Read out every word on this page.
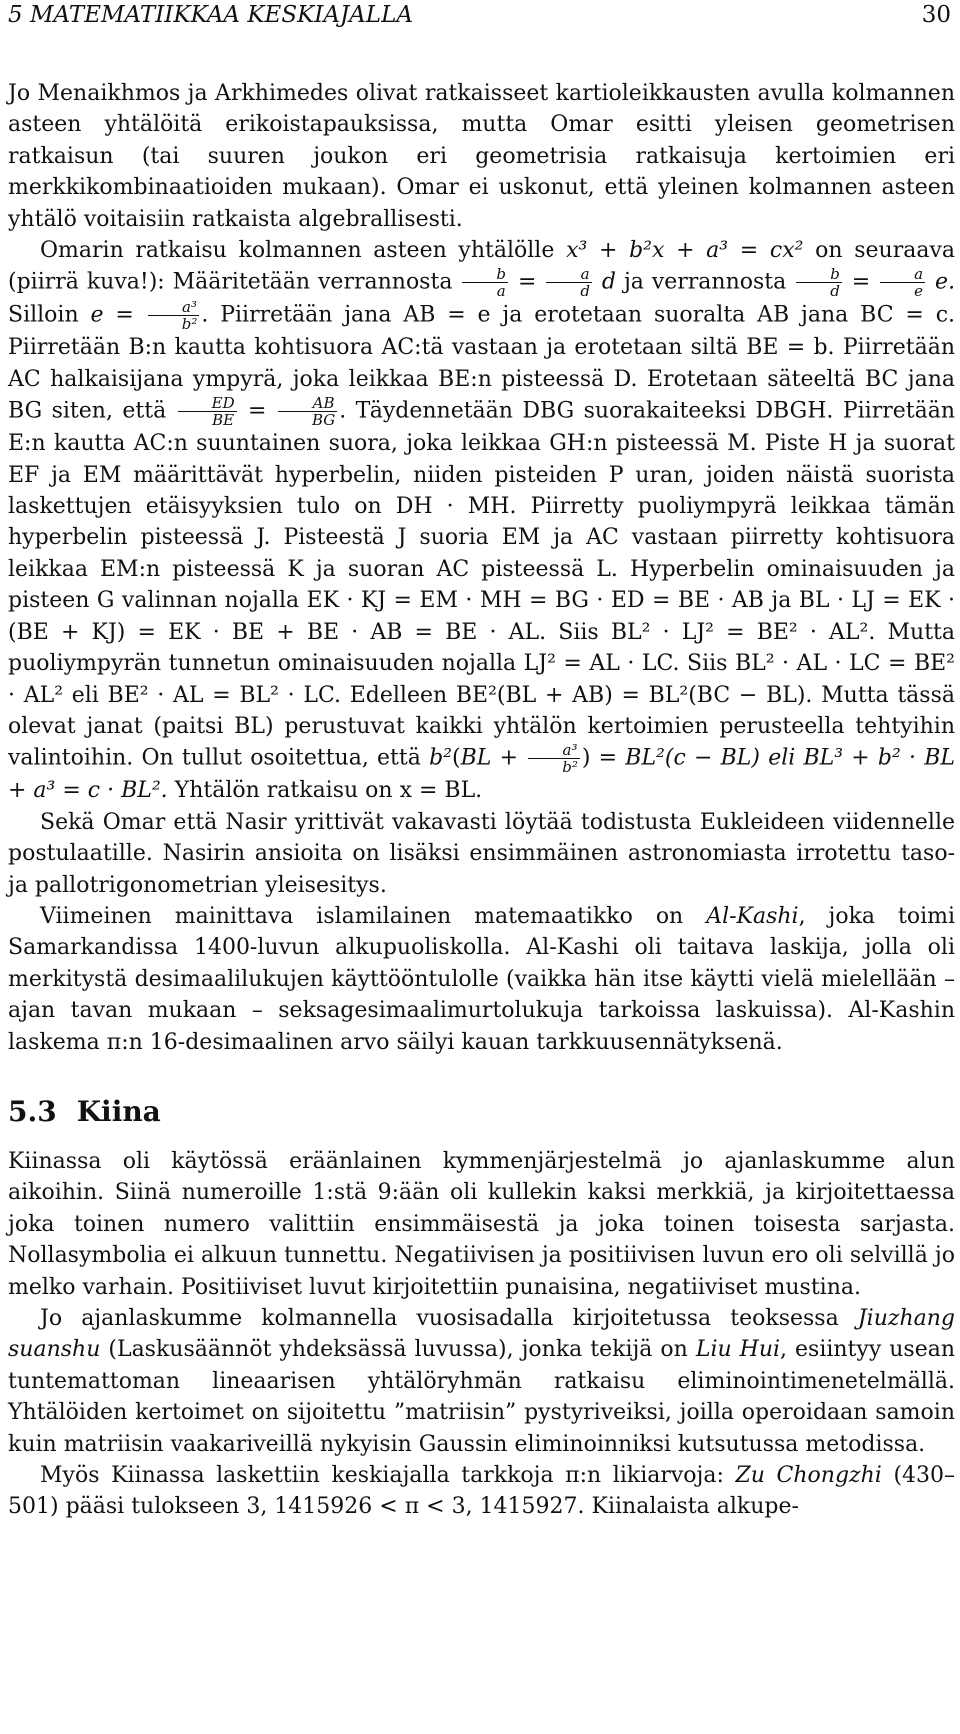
5 MATEMATIIKKAA KESKIAJALLA	30

Jo Menaikhmos ja Arkhimedes olivat ratkaisseet kartioleikkausten avulla kolmannen asteen yhtälöitä erikoistapauksissa, mutta Omar esitti yleisen geometrisen ratkaisun (tai suuren joukon eri geometrisia ratkaisuja kertoimien eri merkkikombinaatioiden mukaan). Omar ei uskonut, että yleinen kolmannen asteen yhtälö voitaisiin ratkaista algebrallisesti.

Omarin ratkaisu kolmannen asteen yhtälölle x³ + b²x + a³ = cx² on seuraava (piirrä kuva!): Määritetään verrannosta $\frac{b}{a} = \frac{a}{d}$ d ja verrannosta $\frac{b}{d} = \frac{a}{e} e$. Silloin $e = \frac{\text{a³}}{\text{b²}}$ . Piirretään jana AB = e ja erotetaan suoralta AB jana BC = c. Piirretään B:n kautta kohtisuora AC:tä vastaan ja erotetaan siltä BE = b. Piirretään AC halkaisijana ympyrä, joka leikkaa BE:n pisteessä D. Erotetaan säteeltä BC jana BG siten, että $\frac{ED}{BE} = \frac{AB}{BG}$ . Täydennetään DBG suorakaiteeksi DBGH. Piirretään E:n kautta AC:n suuntainen suora, joka leikkaa GH:n pisteessä M. Piste H ja suorat EF ja EM määrittävät hyperbelin, niiden pisteiden P uran, joiden näistä suorista laskettujen etäisyyksien tulo on DH · MH. Piirretty puoliympyrä leikkaa tämän hyperbelin pisteessä J. Pisteestä J suoria EM ja AC vastaan piirretty kohtisuora leikkaa EM:n pisteessä K ja suoran AC pisteessä L. Hyperbelin ominaisuuden ja pisteen G valinnan nojalla EK · KJ = EM · MH = BG · ED = BE · AB ja BL · LJ = EK · (BE + KJ) = EK · BE + BE · AB = BE · AL. Siis BL² · LJ² = BE² · AL². Mutta puoliympyrän tunnetun ominaisuuden nojalla LJ² = AL · LC. Siis BL² · AL · LC = BE² · AL² eli BE² · AL = BL² · LC. Edelleen BE²(BL + AB) = BL²(BC − BL). Mutta tässä olevat janat (paitsi BL) perustuvat kaikki yhtälön kertoimien perusteella tehtyihin valintoihin. On tullut osoitettua, että $b^2(BL + \frac{\text{a³}}{\text{b²}}$ ) = BL²(c − BL) eli BL³ + b² · BL + a³ = c · BL². Yhtälön ratkaisu on x = BL.

Sekä Omar että Nasir yrittivät vakavasti löytää todistusta Eukleideen viidennelle postulaatille. Nasirin ansioita on lisäksi ensimmäinen astronomiasta irrotettu taso- ja pallotrigonometrian yleisesitys.

Viimeinen mainittava islamilainen matemaatikko on Al-Kashi, joka toimi Samarkandissa 1400-luvun alkupuoliskolla. Al-Kashi oli taitava laskija, jolla oli merkitystä desimaalilukujen käyttööntulolle (vaikka hän itse käytti vielä mielellään – ajan tavan mukaan – seksagesimaalimurtolukuja tarkoissa laskuissa). Al-Kashin laskema π:n 16-desimaalinen arvo säilyi kauan tarkkuusennätyksenä.

5.3 Kiina

Kiinassa oli käytössä eräänlainen kymmenjärjestelmä jo ajanlaskumme alun aikoihin. Siinä numeroille 1:stä 9:ään oli kullekin kaksi merkkiä, ja kirjoitettaessa joka toinen numero valittiin ensimmäisestä ja joka toinen toisesta sarjasta. Nollasymbolia ei alkuun tunnettu. Negatiivisen ja positiivisen luvun ero oli selvillä jo melko varhain. Positiiviset luvut kirjoitettiin punaisina, negatiiviset mustina.

Jo ajanlaskumme kolmannella vuosisadalla kirjoitetussa teoksessa Jiuzhang suanshu (Laskusäännöt yhdeksässä luvussa), jonka tekijä on Liu Hui, esiintyy usean tuntemattoman lineaarisen yhtälöryhmän ratkaisu eliminointimenetelmällä. Yhtälöiden kertoimet on sijoitettu ”matriisin” pystyriveiksi, joilla operoidaan samoin kuin matriisin vaakariveillä nykyisin Gaussin eliminoinniksi kutsutussa metodissa.

Myös Kiinassa laskettiin keskiajalla tarkkoja π:n likiarvoja: Zu Chongzhi (430–501) pääsi tulokseen 3, 1415926 < π < 3, 1415927. Kiinalaista alkupe-
